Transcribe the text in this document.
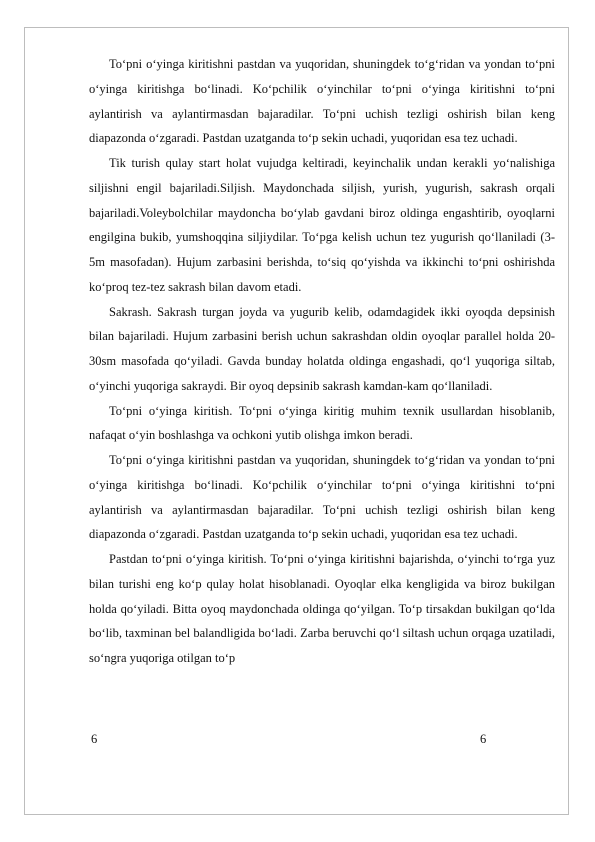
To‘pni o‘yinga kiritishni pastdan va yuqoridan, shuningdek to‘g‘ridan va yondan to‘pni o‘yinga kiritishga bo‘linadi. Ko‘pchilik o‘yinchilar to‘pni o‘yinga kiritishni to‘pni aylantirish va aylantirmasdan bajaradilar. To‘pni uchish tezligi oshirish bilan keng diapazonda o‘zgaradi. Pastdan uzatganda to‘p sekin uchadi, yuqoridan esa tez uchadi.

Tik turish qulay start holat vujudga keltiradi, keyinchalik undan kerakli yo‘nalishiga siljishni engil bajariladi.Siljish. Maydonchada siljish, yurish, yugurish, sakrash orqali bajariladi.Voleybolchilar maydoncha bo‘ylab gavdani biroz oldinga engashtirib, oyoqlarni engilgina bukib, yumshoqqina siljiydilar. To‘pga kelish uchun tez yugurish qo‘llaniladi (3-5m masofadan). Hujum zarbasini berishda, to‘siq qo‘yishda va ikkinchi to‘pni oshirishda ko‘proq tez-tez sakrash bilan davom etadi.

Sakrash. Sakrash turgan joyda va yugurib kelib, odamdagidek ikki oyoqda depsinish bilan bajariladi. Hujum zarbasini berish uchun sakrashdan oldin oyoqlar parallel holda 20-30sm masofada qo‘yiladi. Gavda bunday holatda oldinga engashadi, qo‘l yuqoriga siltab, o‘yinchi yuqoriga sakraydi. Bir oyoq depsinib sakrash kamdan-kam qo‘llaniladi.

To‘pni o‘yinga kiritish. To‘pni o‘yinga kiritig muhim texnik usullardan hisoblanib, nafaqat o‘yin boshlashga va ochkoni yutib olishga imkon beradi.

To‘pni o‘yinga kiritishni pastdan va yuqoridan, shuningdek to‘g‘ridan va yondan to‘pni o‘yinga kiritishga bo‘linadi. Ko‘pchilik o‘yinchilar to‘pni o‘yinga kiritishni to‘pni aylantirish va aylantirmasdan bajaradilar. To‘pni uchish tezligi oshirish bilan keng diapazonda o‘zgaradi. Pastdan uzatganda to‘p sekin uchadi, yuqoridan esa tez uchadi.

Pastdan to‘pni o‘yinga kiritish. To‘pni o‘yinga kiritishni bajarishda, o‘yinchi to‘rga yuz bilan turishi eng ko‘p qulay holat hisoblanadi. Oyoqlar elka kengligida va biroz bukilgan holda qo‘yiladi. Bitta oyoq maydonchada oldinga qo‘yilgan. To‘p tirsakdan bukilgan qo‘lda bo‘lib, taxminan bel balandligida bo‘ladi. Zarba beruvchi qo‘l siltash uchun orqaga uzatiladi, so‘ngra yuqoriga otilgan to‘p

6	6
